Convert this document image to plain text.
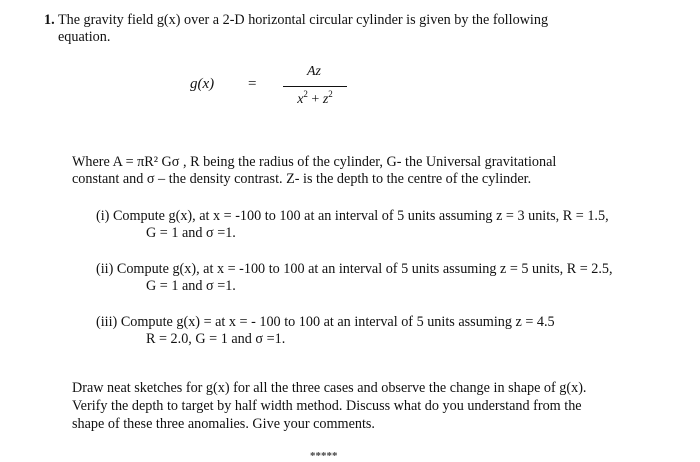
1. The gravity field g(x) over a 2-D horizontal circular cylinder is given by the following
equation.
g(x) =
Az
$x^2 + z^2$
Where A = πR² Gσ , R being the radius of the cylinder, G- the Universal gravitational
constant and σ – the density contrast. Z- is the depth to the centre of the cylinder.
(i) Compute g(x), at x = -100 to 100 at an interval of 5 units assuming z = 3 units, R = 1.5,
G = 1 and σ =1.
(ii) Compute g(x), at x = -100 to 100 at an interval of 5 units assuming z = 5 units, R = 2.5,
G = 1 and σ =1.
(iii) Compute g(x) = at x = - 100 to 100 at an interval of 5 units assuming z = 4.5
R = 2.0, G = 1 and σ =1.
Draw neat sketches for g(x) for all the three cases and observe the change in shape of g(x).
Verify the depth to target by half width method. Discuss what do you understand from the
shape of these three anomalies. Give your comments.
*****
